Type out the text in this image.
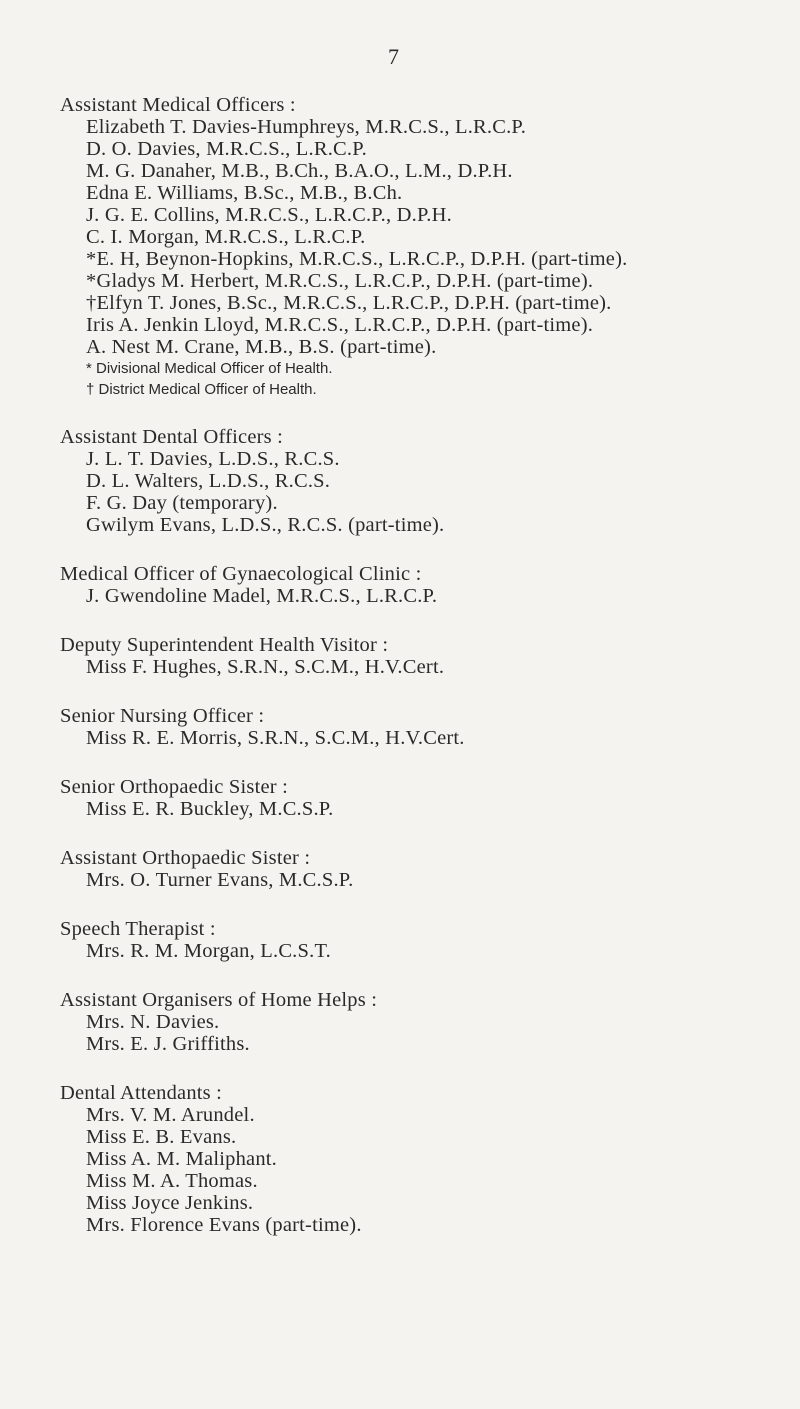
7
Assistant Medical Officers :
Elizabeth T. Davies-Humphreys, M.R.C.S., L.R.C.P.
D. O. Davies, M.R.C.S., L.R.C.P.
M. G. Danaher, M.B., B.Ch., B.A.O., L.M., D.P.H.
Edna E. Williams, B.Sc., M.B., B.Ch.
J. G. E. Collins, M.R.C.S., L.R.C.P., D.P.H.
C. I. Morgan, M.R.C.S., L.R.C.P.
*E. H, Beynon-Hopkins, M.R.C.S., L.R.C.P., D.P.H. (part-time).
*Gladys M. Herbert, M.R.C.S., L.R.C.P., D.P.H. (part-time).
†Elfyn T. Jones, B.Sc., M.R.C.S., L.R.C.P., D.P.H. (part-time).
Iris A. Jenkin Lloyd, M.R.C.S., L.R.C.P., D.P.H. (part-time).
A. Nest M. Crane, M.B., B.S. (part-time).
* Divisional Medical Officer of Health.
† District Medical Officer of Health.
Assistant Dental Officers :
J. L. T. Davies, L.D.S., R.C.S.
D. L. Walters, L.D.S., R.C.S.
F. G. Day (temporary).
Gwilym Evans, L.D.S., R.C.S. (part-time).
Medical Officer of Gynaecological Clinic :
J. Gwendoline Madel, M.R.C.S., L.R.C.P.
Deputy Superintendent Health Visitor :
Miss F. Hughes, S.R.N., S.C.M., H.V.Cert.
Senior Nursing Officer :
Miss R. E. Morris, S.R.N., S.C.M., H.V.Cert.
Senior Orthopaedic Sister :
Miss E. R. Buckley, M.C.S.P.
Assistant Orthopaedic Sister :
Mrs. O. Turner Evans, M.C.S.P.
Speech Therapist :
Mrs. R. M. Morgan, L.C.S.T.
Assistant Organisers of Home Helps :
Mrs. N. Davies.
Mrs. E. J. Griffiths.
Dental Attendants :
Mrs. V. M. Arundel.
Miss E. B. Evans.
Miss A. M. Maliphant.
Miss M. A. Thomas.
Miss Joyce Jenkins.
Mrs. Florence Evans (part-time).
